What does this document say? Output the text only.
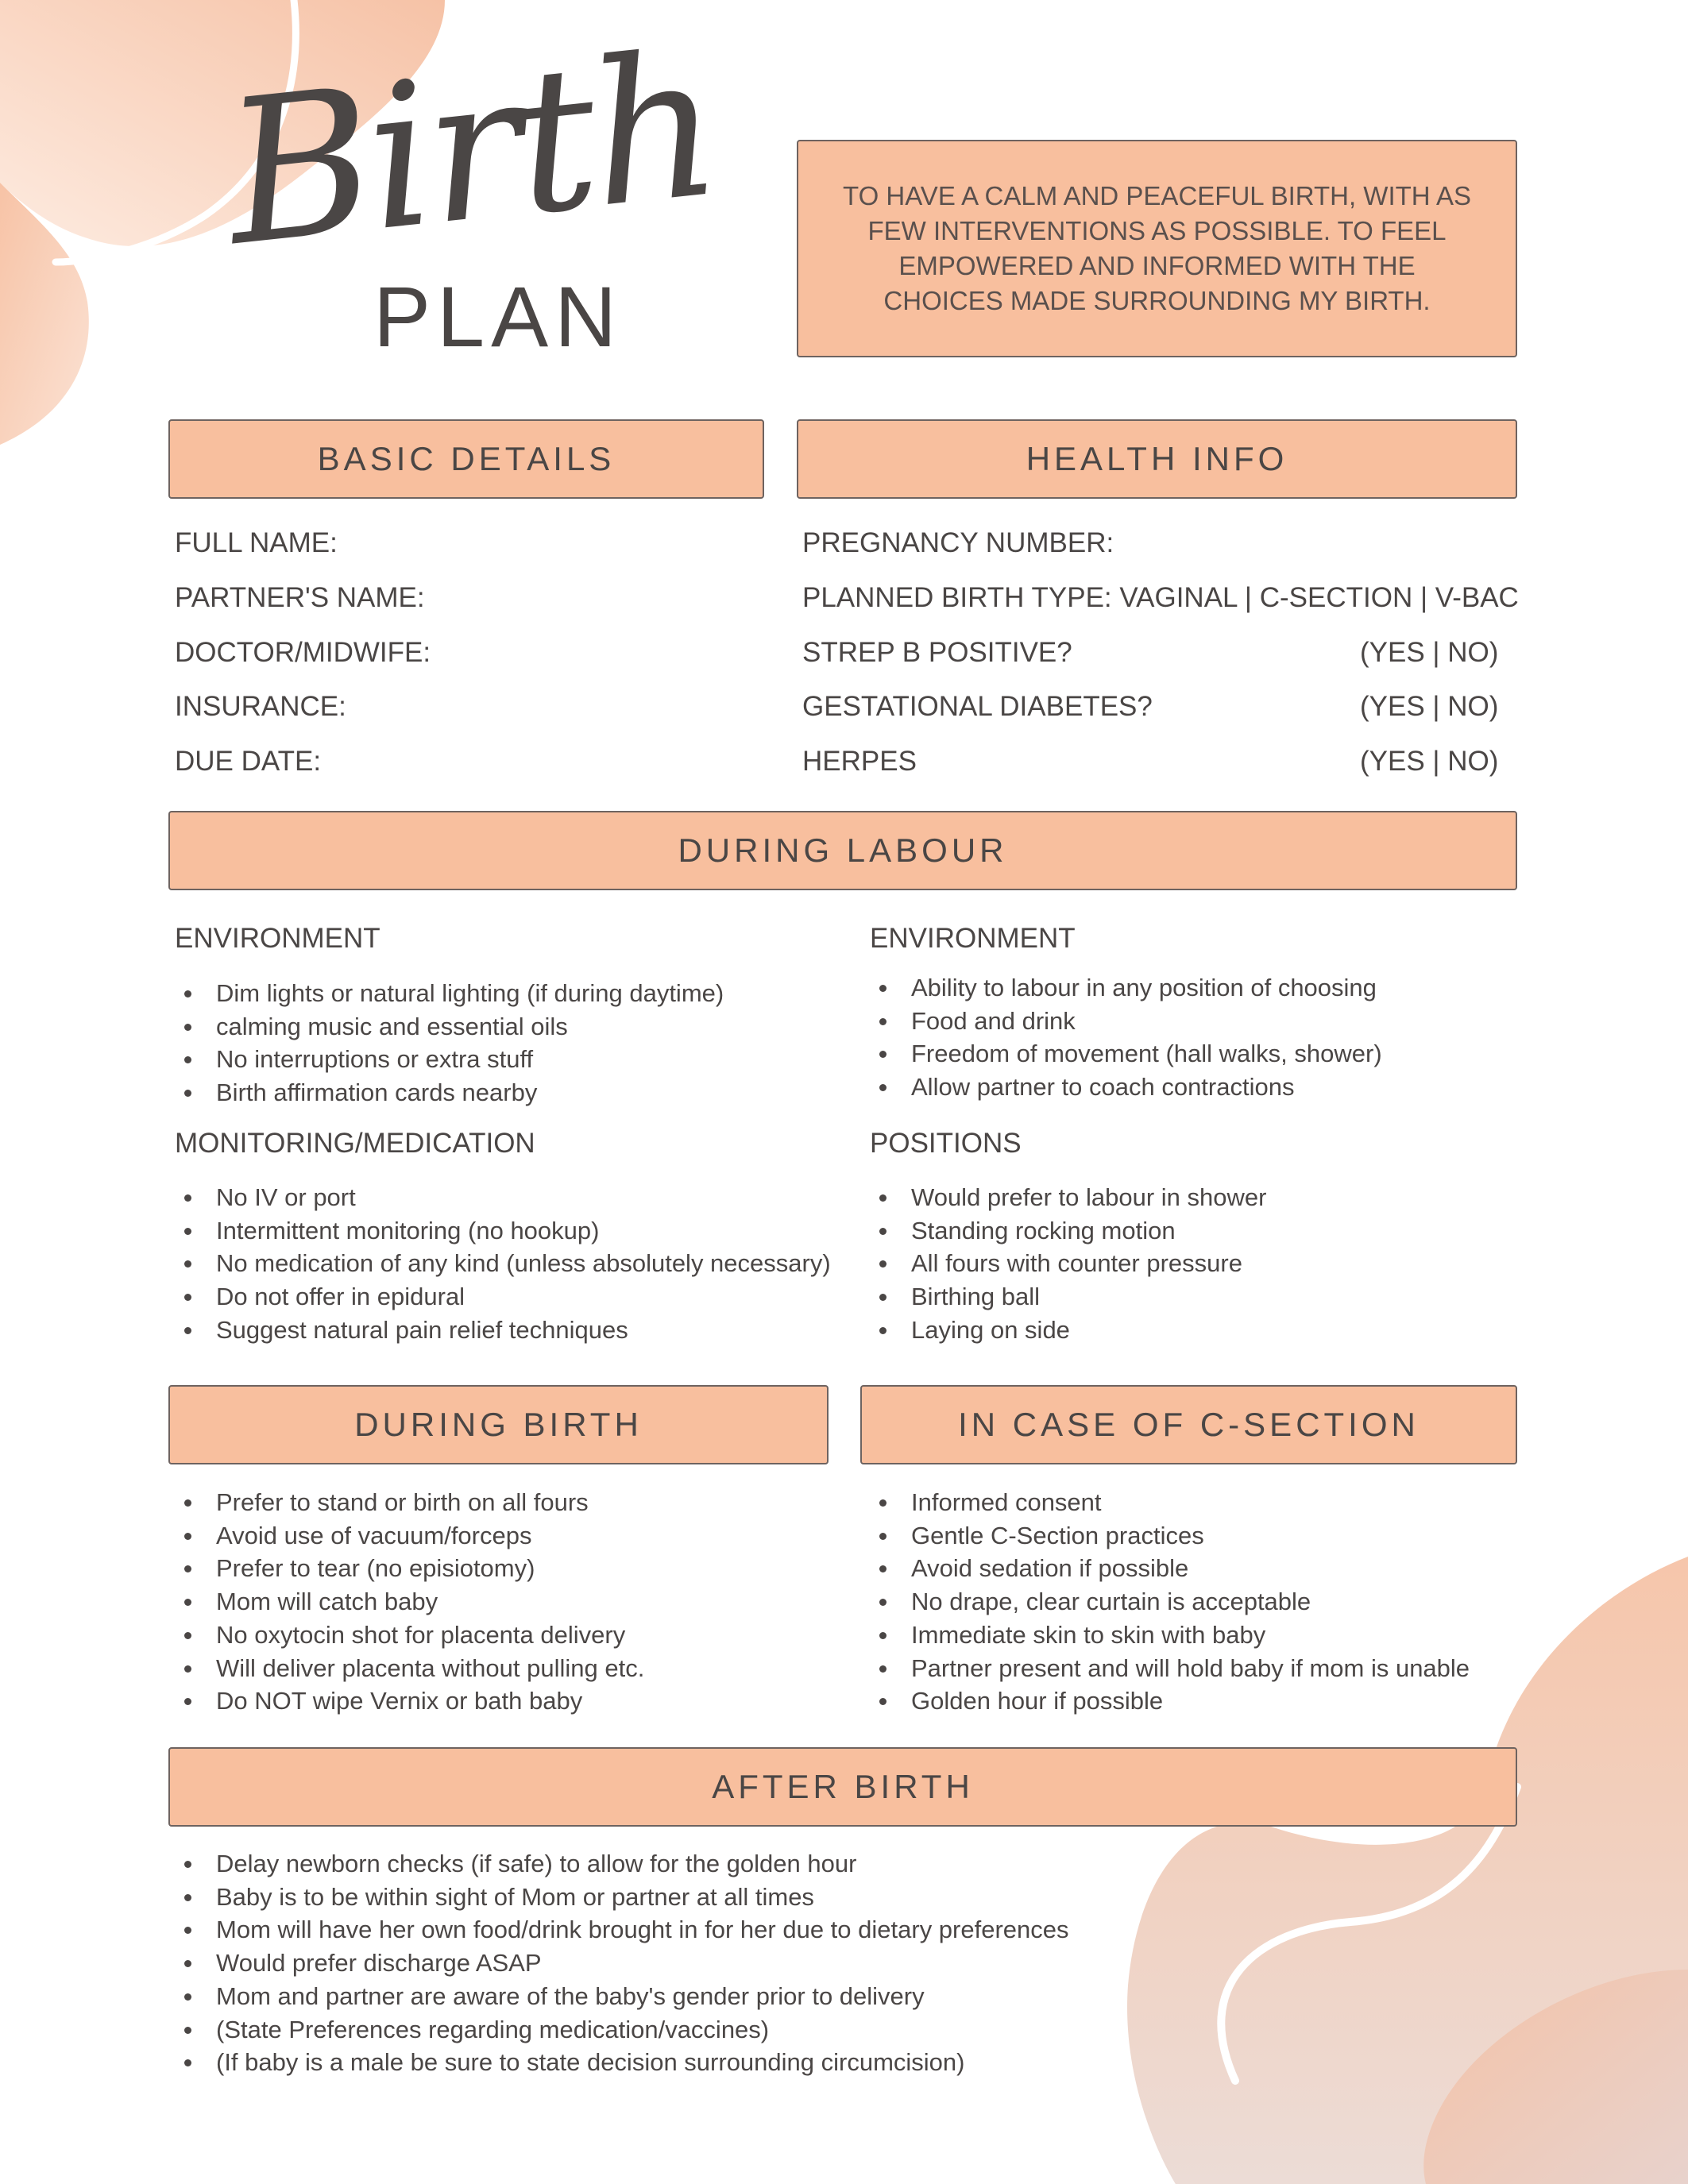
Birth
PLAN
TO HAVE A CALM AND PEACEFUL BIRTH, WITH AS FEW INTERVENTIONS AS POSSIBLE. TO FEEL EMPOWERED AND INFORMED WITH THE CHOICES MADE SURROUNDING MY BIRTH.
BASIC DETAILS
FULL NAME:
PARTNER'S NAME:
DOCTOR/MIDWIFE:
INSURANCE:
DUE DATE:
HEALTH INFO
PREGNANCY NUMBER:
PLANNED BIRTH TYPE: VAGINAL | C-SECTION | V-BAC
STREP B POSITIVE?	(YES | NO)
GESTATIONAL DIABETES?	(YES | NO)
HERPES	(YES | NO)
DURING LABOUR
ENVIRONMENT
Dim lights or natural lighting (if during daytime)
calming music and essential oils
No interruptions or extra stuff
Birth affirmation cards nearby
ENVIRONMENT
Ability to labour in any position of choosing
Food and drink
Freedom of movement (hall walks, shower)
Allow partner to coach contractions
MONITORING/MEDICATION
No IV or port
Intermittent monitoring (no hookup)
No medication of any kind (unless absolutely necessary)
Do not offer in epidural
Suggest natural pain relief techniques
POSITIONS
Would prefer to labour in shower
Standing rocking motion
All fours with counter pressure
Birthing ball
Laying on side
DURING BIRTH
Prefer to stand or birth on all fours
Avoid use of vacuum/forceps
Prefer to tear (no episiotomy)
Mom will catch baby
No oxytocin shot for placenta delivery
Will deliver placenta without pulling etc.
Do NOT wipe Vernix or bath baby
IN CASE OF C-SECTION
Informed consent
Gentle C-Section practices
Avoid sedation if possible
No drape, clear curtain is acceptable
Immediate skin to skin with baby
Partner present and will hold baby if mom is unable
Golden hour if possible
AFTER BIRTH
Delay newborn checks (if safe) to allow for the golden hour
Baby is to be within sight of Mom or partner at all times
Mom will have her own food/drink brought in for her due to dietary preferences
Would prefer discharge ASAP
Mom and partner are aware of the baby's gender prior to delivery
(State Preferences regarding medication/vaccines)
(If baby is a male be sure to state decision surrounding circumcision)
